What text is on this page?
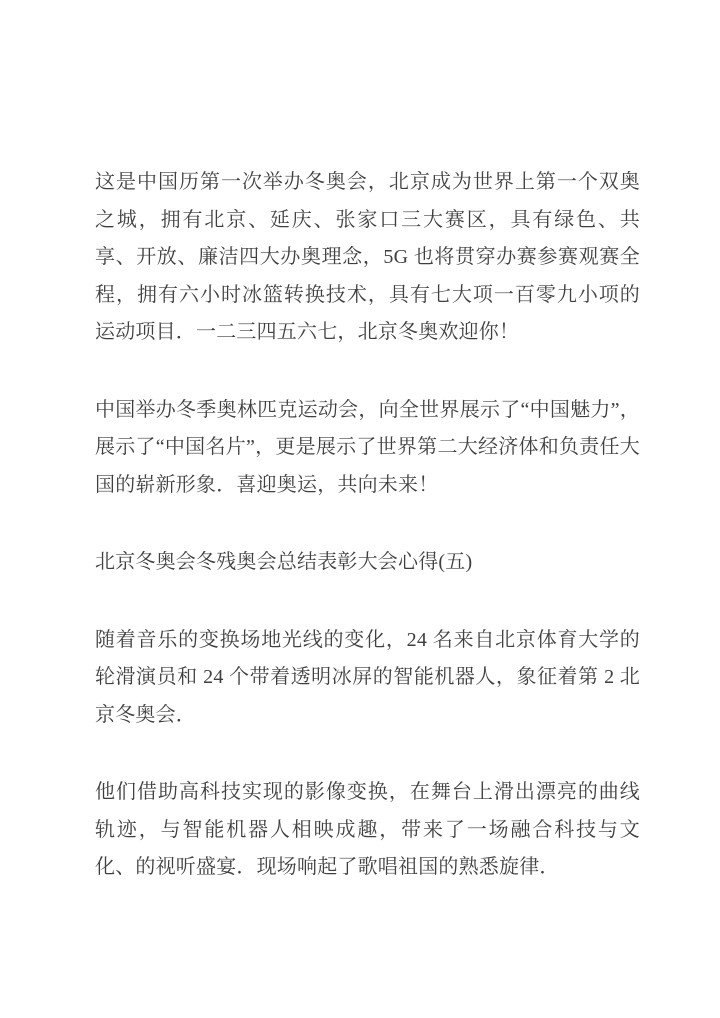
这是中国历第一次举办冬奥会，北京成为世界上第一个双奥之城，拥有北京、延庆、张家口三大赛区，具有绿色、共享、开放、廉洁四大办奥理念，5G 也将贯穿办赛参赛观赛全程，拥有六小时冰篮转换技术，具有七大项一百零九小项的运动项目．一二三四五六七，北京冬奥欢迎你！

中国举办冬季奥林匹克运动会，向全世界展示了“中国魅力”，展示了“中国名片”，更是展示了世界第二大经济体和负责任大国的崭新形象．喜迎奥运，共向未来！

北京冬奥会冬残奥会总结表彰大会心得(五)

随着音乐的变换场地光线的变化，24 名来自北京体育大学的轮滑演员和 24 个带着透明冰屏的智能机器人，象征着第 2 北京冬奥会．

他们借助高科技实现的影像变换，在舞台上滑出漂亮的曲线轨迹，与智能机器人相映成趣，带来了一场融合科技与文化、的视听盛宴．现场响起了歌唱祖国的熟悉旋律．
